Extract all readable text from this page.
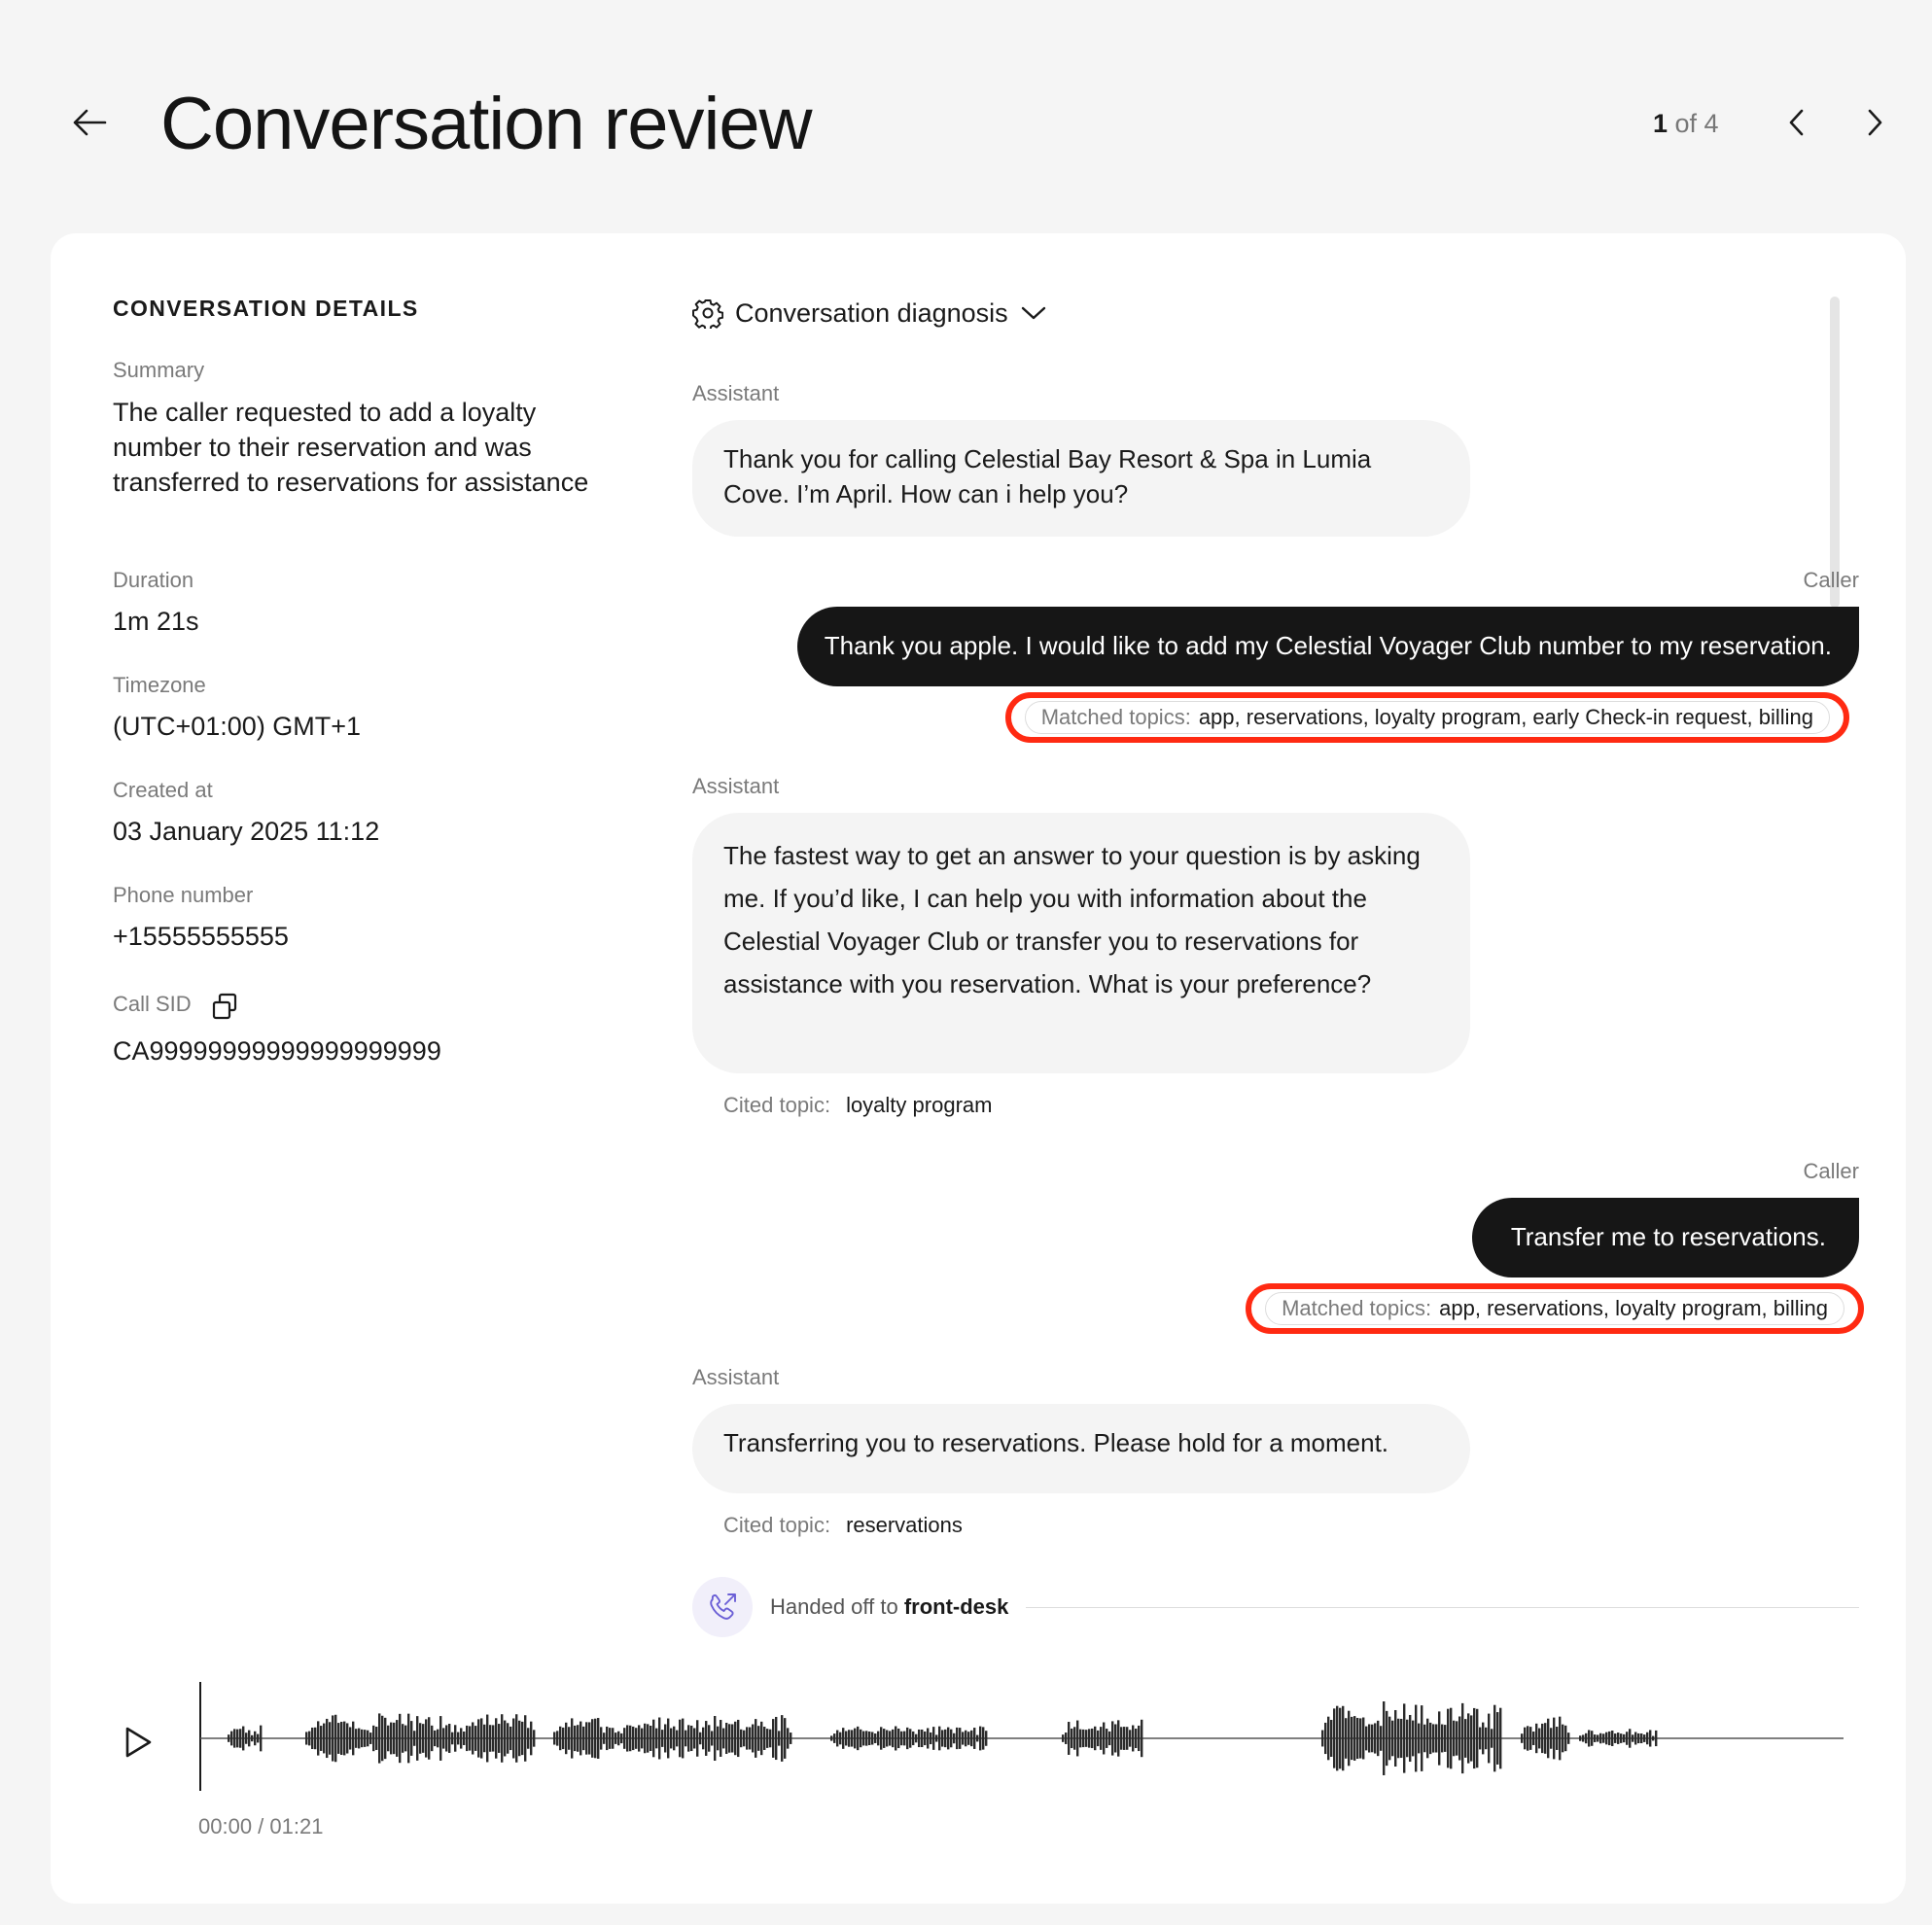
Conversation review	1 of 4
CONVERSATION DETAILS
Summary
The caller requested to add a loyalty number to their reservation and was transferred to reservations for assistance
Duration
1m 21s
Timezone
(UTC+01:00) GMT+1
Created at
03 January 2025 11:12
Phone number
+15555555555
Call SID
CA99999999999999999999
Conversation diagnosis
Assistant
Thank you for calling Celestial Bay Resort & Spa in Lumia Cove. I’m April. How can i help you?
Caller
Thank you apple. I would like to add my Celestial Voyager Club number to my reservation.
Matched topics: app, reservations, loyalty program, early Check-in request, billing
Assistant
The fastest way to get an answer to your question is by asking me. If you’d like, I can help you with information about the Celestial Voyager Club or transfer you to reservations for assistance with you reservation. What is your preference?
Cited topic: loyalty program
Caller
Transfer me to reservations.
Matched topics: app, reservations, loyalty program, billing
Assistant
Transferring you to reservations. Please hold for a moment.
Cited topic: reservations
Handed off to front-desk
00:00 / 01:21
